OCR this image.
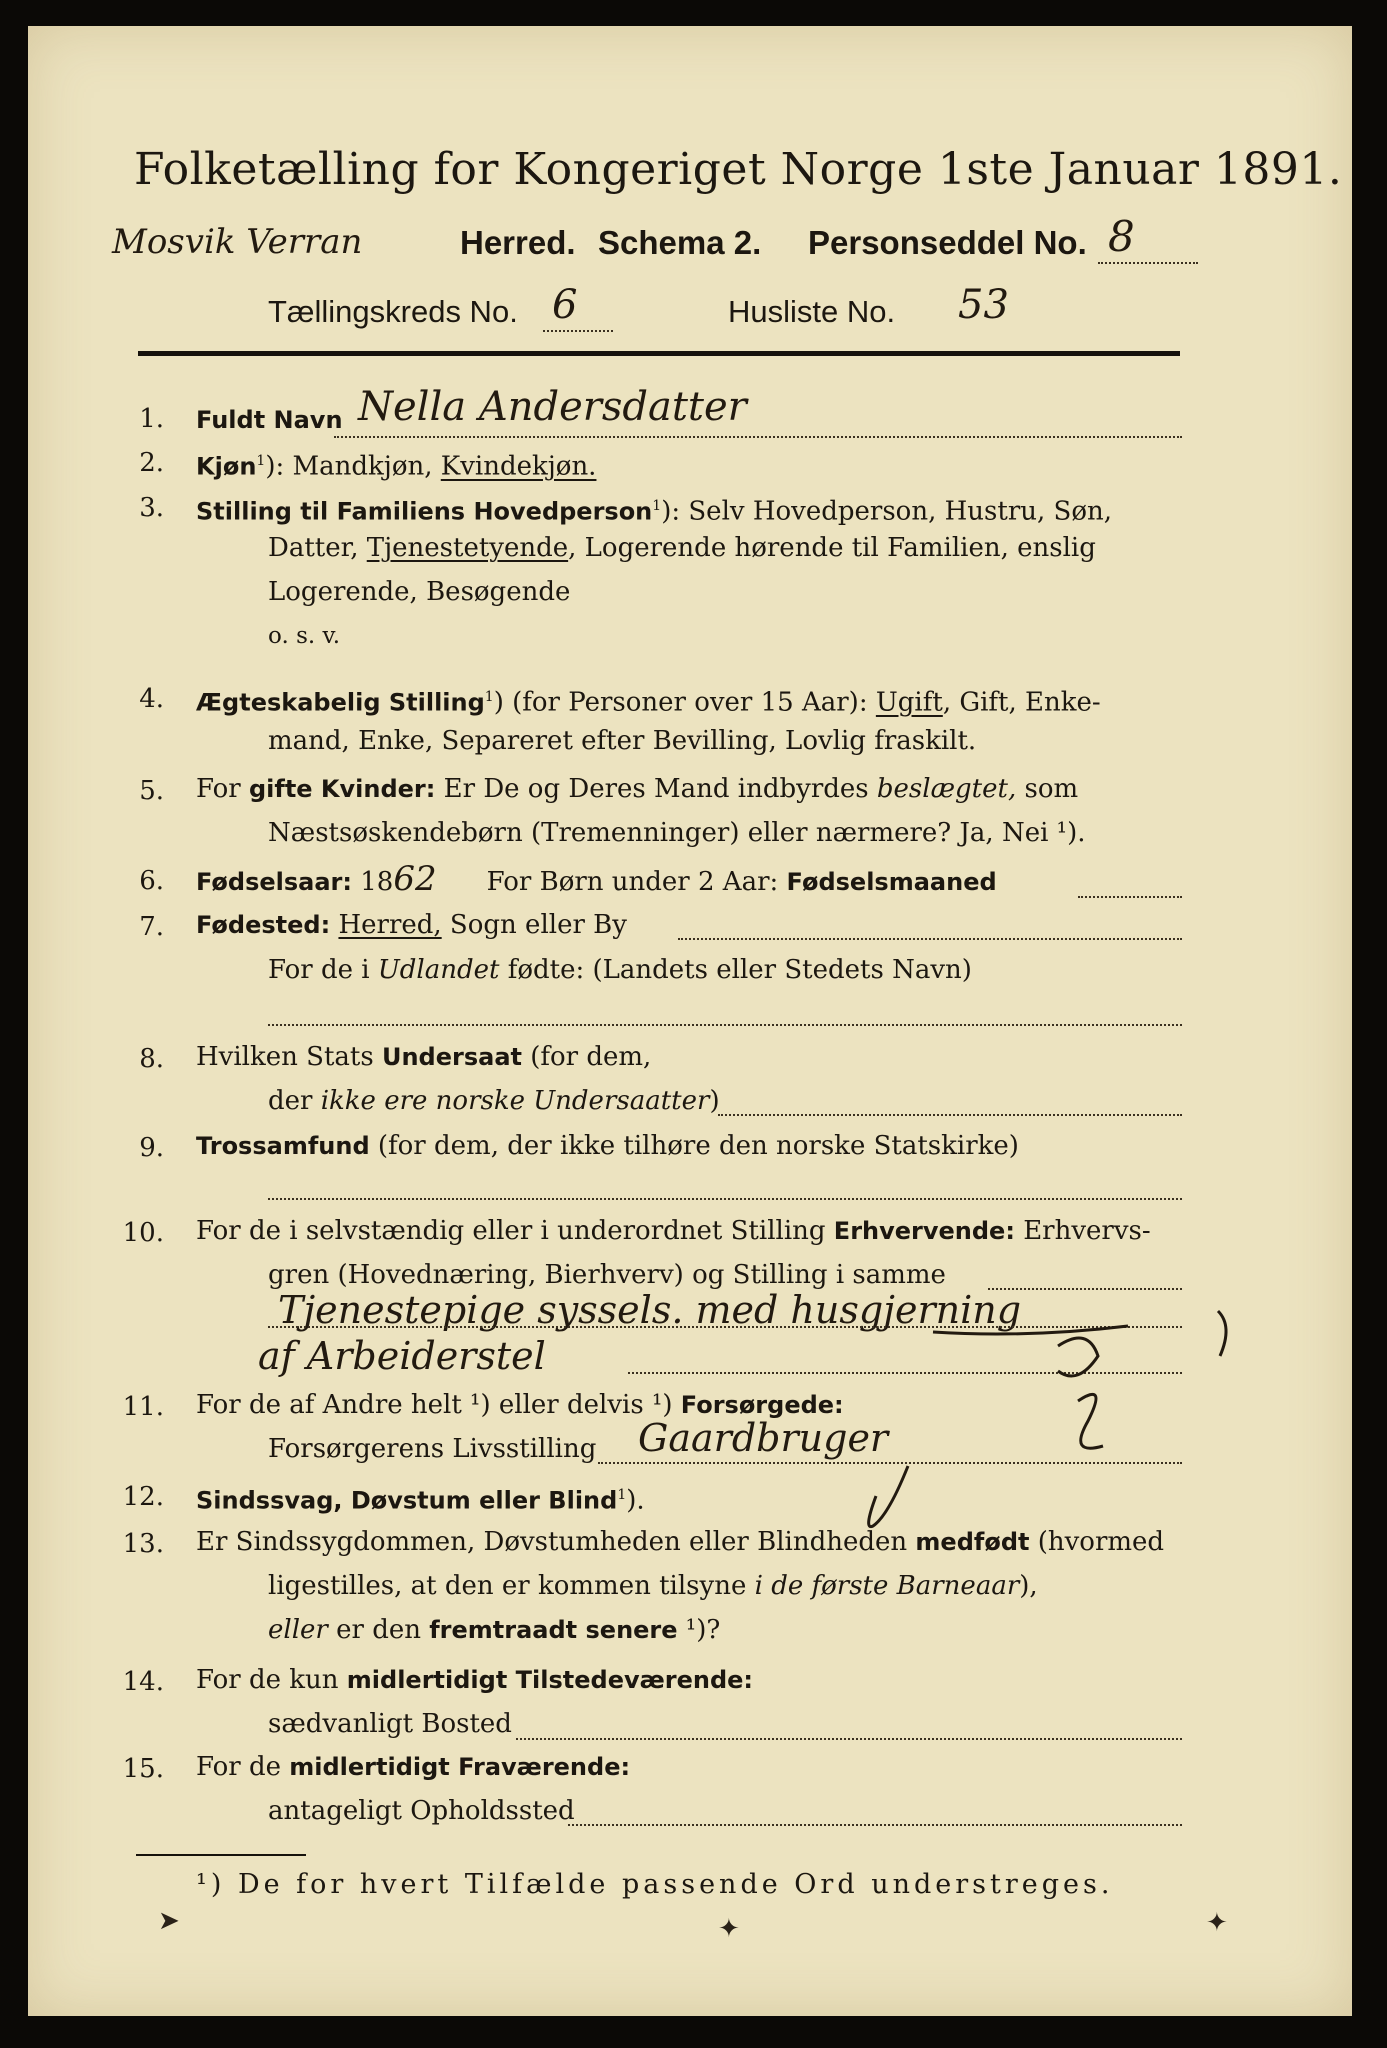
Folketælling for Kongeriget Norge 1ste Januar 1891.
Mosvik Verran	Herred. Schema 2. Personseddel No. 8
Tællingskreds No. 6	Husliste No. 53
1. Fuldt Navn Nella Andersdatter
2. Kjøn$^1$): Mandkjøn, Kvindekjøn.
3. Stilling til Familiens Hovedperson$^1$): Selv Hovedperson, Hustru, Søn,
Datter, Tjenestetyende, Logerende hørende til Familien, enslig
Logerende, Besøgende
o. s. v.
4. Ægteskabelig Stilling$^1$) (for Personer over 15 Aar): Ugift, Gift, Enke-
mand, Enke, Separeret efter Bevilling, Lovlig fraskilt.
5. For gifte Kvinder: Er De og Deres Mand indbyrdes beslægtet, som
Næstsøskendebørn (Tremenninger) eller nærmere? Ja, Nei ¹).
6. Fødselsaar: 1862 For Børn under 2 Aar: Fødselsmaaned
7. Fødested: Herred, Sogn eller By
For de i Udlandet fødte: (Landets eller Stedets Navn)
8. Hvilken Stats Undersaat (for dem,
der ikke ere norske Undersaatter)
9. Trossamfund (for dem, der ikke tilhøre den norske Statskirke)
10. For de i selvstændig eller i underordnet Stilling Erhvervende: Erhvervs-
gren (Hovednæring, Bierhverv) og Stilling i samme
Tjenestepige syssels. med husgjerning
af Arbeiderstel
11. For de af Andre helt ¹) eller delvis ¹) Forsørgede:
Forsørgerens Livsstilling Gaardbruger
12. Sindssvag, Døvstum eller Blind$^1$).
13. Er Sindssygdommen, Døvstumheden eller Blindheden medfødt (hvormed
ligestilles, at den er kommen tilsyne i de første Barneaar),
eller er den fremtraadt senere ¹)?
14. For de kun midlertidigt Tilstedeværende:
sædvanligt Bosted
15. For de midlertidigt Fraværende:
antageligt Opholdssted
¹) De for hvert Tilfælde passende Ord understreges.
➤	✦	✦
